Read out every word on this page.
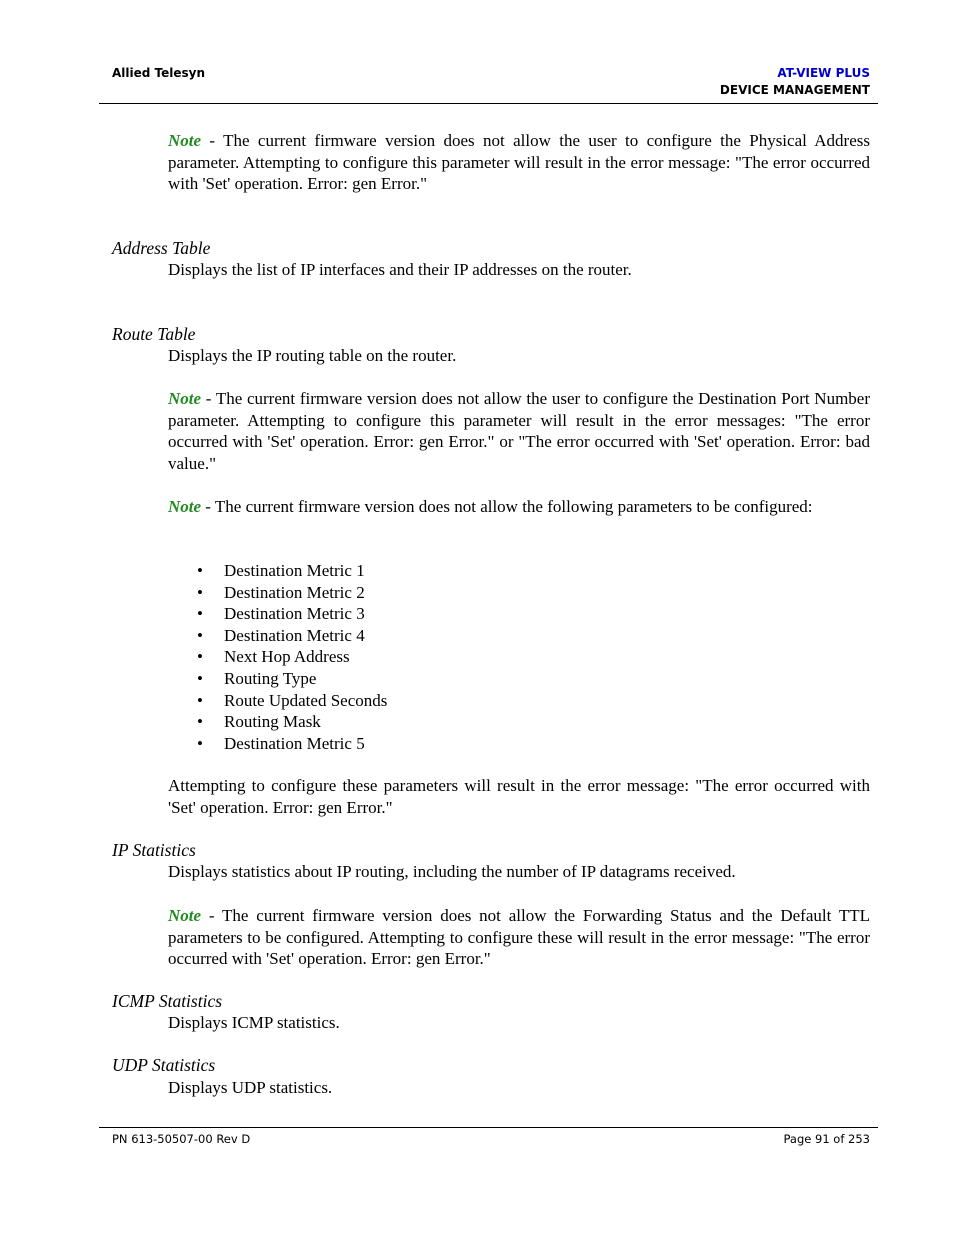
Allied Telesyn	AT-VIEW PLUS
DEVICE MANAGEMENT

Note - The current firmware version does not allow the user to configure the Physical Address parameter. Attempting to configure this parameter will result in the error message: "The error occurred with 'Set' operation. Error: gen Error."

Address Table

Displays the list of IP interfaces and their IP addresses on the router.

Route Table

Displays the IP routing table on the router.

Note - The current firmware version does not allow the user to configure the Destination Port Number parameter. Attempting to configure this parameter will result in the error messages: "The error occurred with 'Set' operation. Error: gen Error." or "The error occurred with 'Set' operation. Error: bad value."

Note - The current firmware version does not allow the following parameters to be configured:

• Destination Metric 1
• Destination Metric 2
• Destination Metric 3
• Destination Metric 4
• Next Hop Address
• Routing Type
• Route Updated Seconds
• Routing Mask
• Destination Metric 5

Attempting to configure these parameters will result in the error message: "The error occurred with 'Set' operation. Error: gen Error."

IP Statistics

Displays statistics about IP routing, including the number of IP datagrams received.

Note - The current firmware version does not allow the Forwarding Status and the Default TTL parameters to be configured. Attempting to configure these will result in the error message: "The error occurred with 'Set' operation. Error: gen Error."

ICMP Statistics

Displays ICMP statistics.

UDP Statistics

Displays UDP statistics.

PN 613-50507-00 Rev D	Page 91 of 253
